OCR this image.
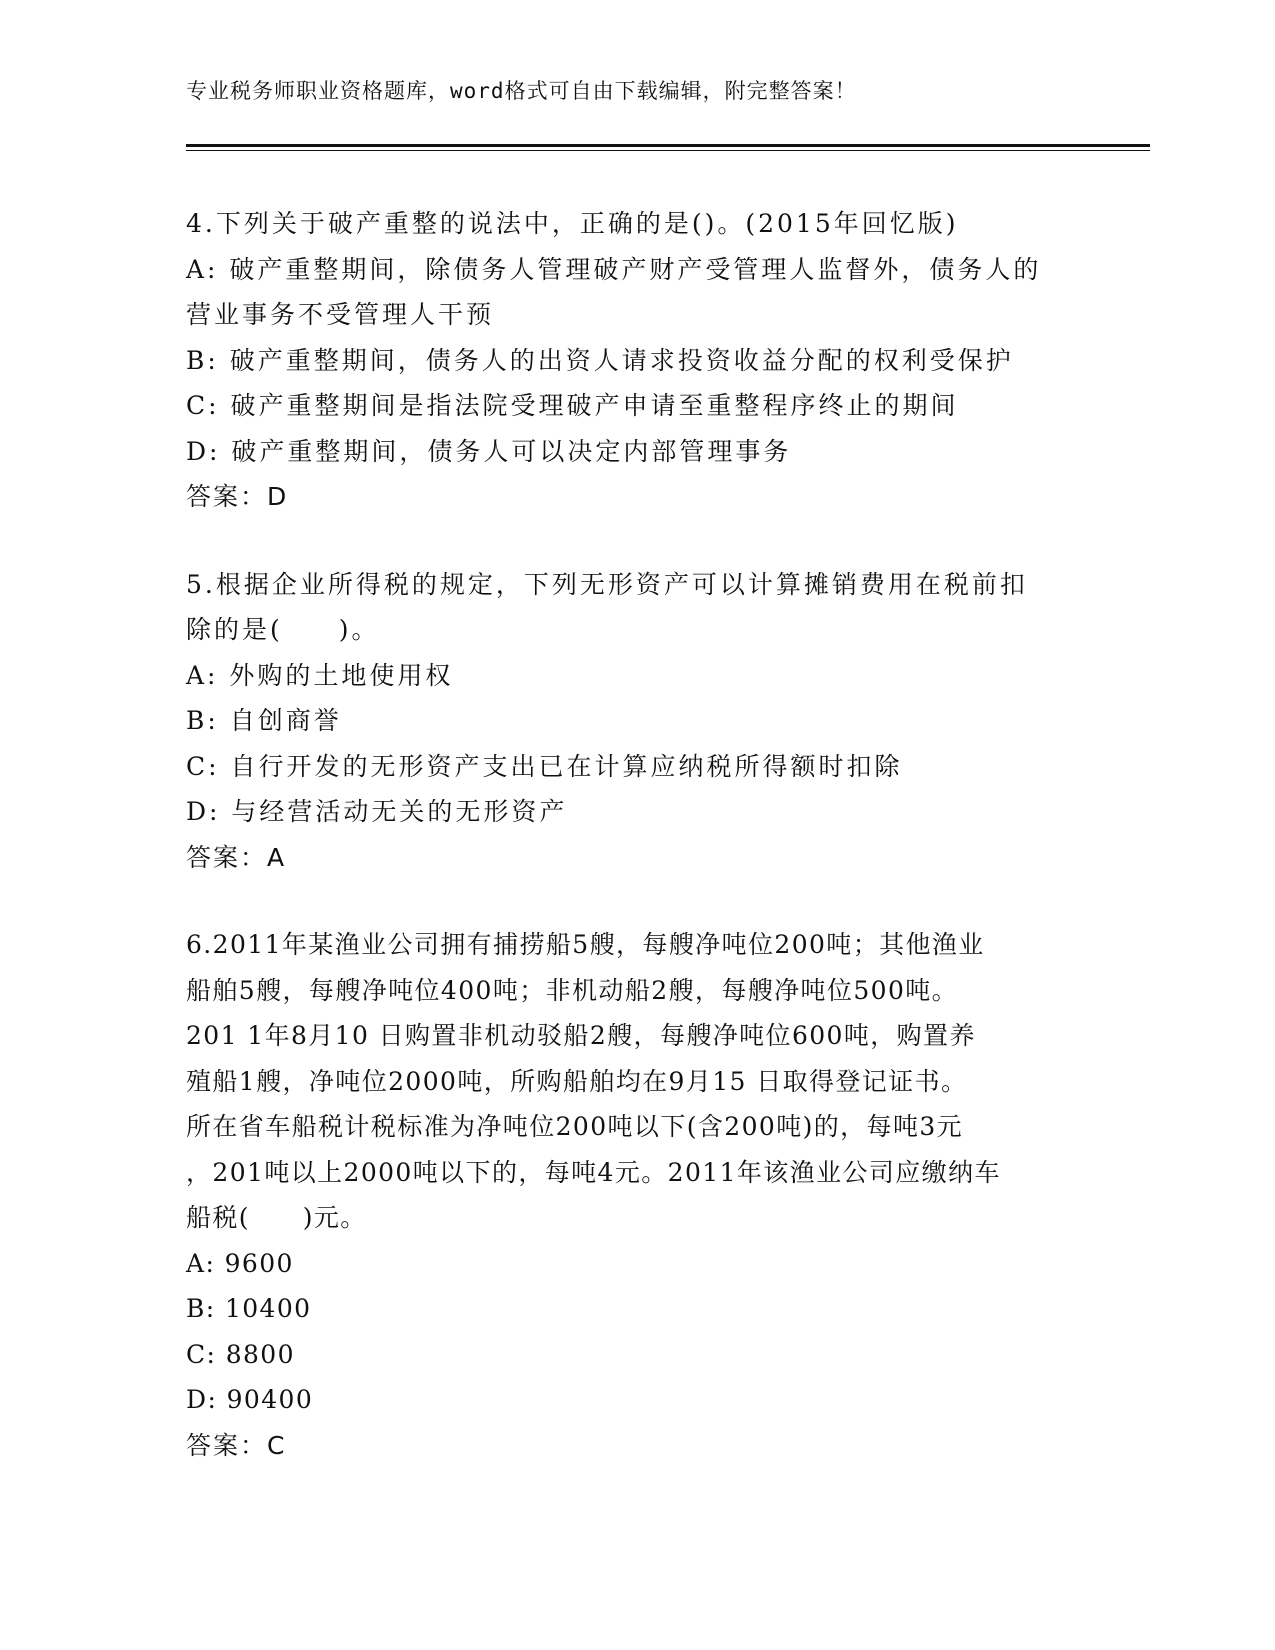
专业税务师职业资格题库，word格式可自由下载编辑，附完整答案！
4.下列关于破产重整的说法中，正确的是()。(2015年回忆版)
A: 破产重整期间，除债务人管理破产财产受管理人监督外，债务人的
营业事务不受管理人干预
B: 破产重整期间，债务人的出资人请求投资收益分配的权利受保护
C: 破产重整期间是指法院受理破产申请至重整程序终止的期间
D: 破产重整期间，债务人可以决定内部管理事务
答案：D
5.根据企业所得税的规定，下列无形资产可以计算摊销费用在税前扣
除的是(　　)。
A: 外购的土地使用权
B: 自创商誉
C: 自行开发的无形资产支出已在计算应纳税所得额时扣除
D: 与经营活动无关的无形资产
答案：A
6.2011年某渔业公司拥有捕捞船5艘，每艘净吨位200吨；其他渔业
船舶5艘，每艘净吨位400吨；非机动船2艘，每艘净吨位500吨。
201 1年8月10 日购置非机动驳船2艘，每艘净吨位600吨，购置养
殖船1艘，净吨位2000吨，所购船舶均在9月15 日取得登记证书。
所在省车船税计税标准为净吨位200吨以下(含200吨)的，每吨3元
，201吨以上2000吨以下的，每吨4元。2011年该渔业公司应缴纳车
船税(　　)元。
A: 9600
B: 10400
C: 8800
D: 90400
答案：C
